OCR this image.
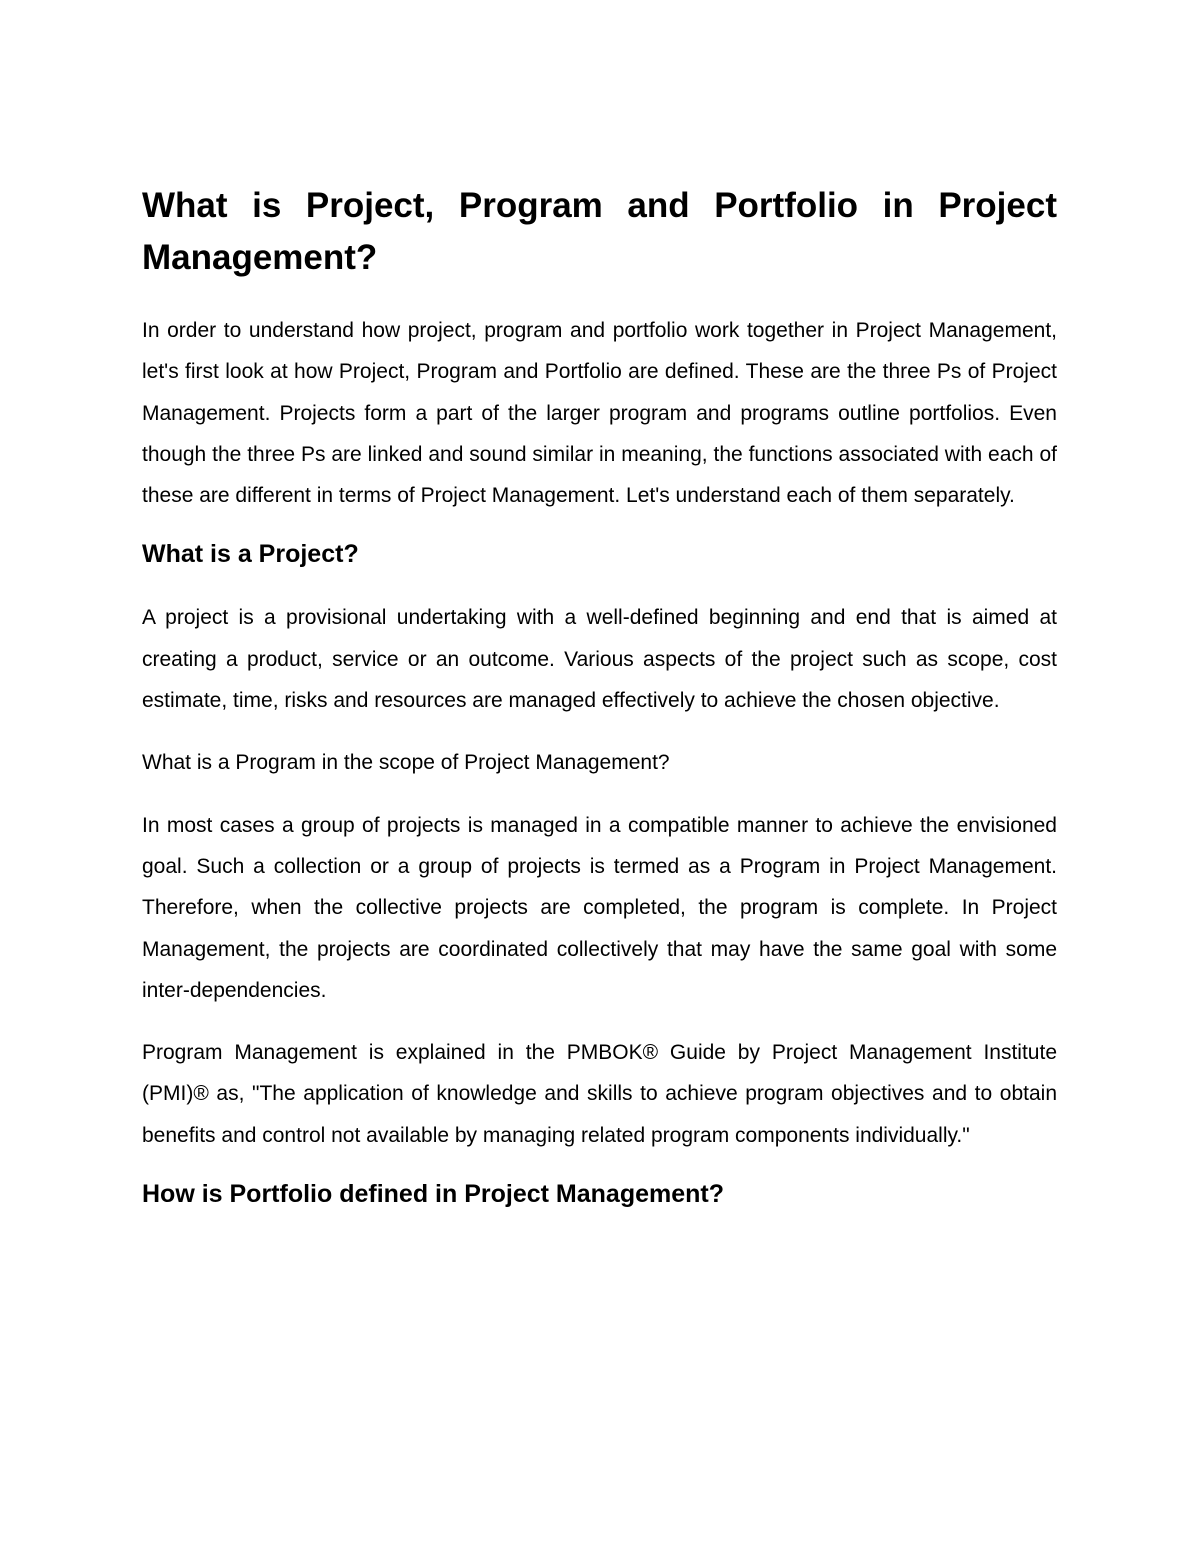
What is Project, Program and Portfolio in Project Management?

In order to understand how project, program and portfolio work together in Project Management, let's first look at how Project, Program and Portfolio are defined. These are the three Ps of Project Management. Projects form a part of the larger program and programs outline portfolios. Even though the three Ps are linked and sound similar in meaning, the functions associated with each of these are different in terms of Project Management. Let's understand each of them separately.

What is a Project?

A project is a provisional undertaking with a well-defined beginning and end that is aimed at creating a product, service or an outcome. Various aspects of the project such as scope, cost estimate, time, risks and resources are managed effectively to achieve the chosen objective.

What is a Program in the scope of Project Management?

In most cases a group of projects is managed in a compatible manner to achieve the envisioned goal. Such a collection or a group of projects is termed as a Program in Project Management. Therefore, when the collective projects are completed, the program is complete. In Project Management, the projects are coordinated collectively that may have the same goal with some inter-dependencies.

Program Management is explained in the PMBOK® Guide by Project Management Institute (PMI)® as, "The application of knowledge and skills to achieve program objectives and to obtain benefits and control not available by managing related program components individually."

How is Portfolio defined in Project Management?
